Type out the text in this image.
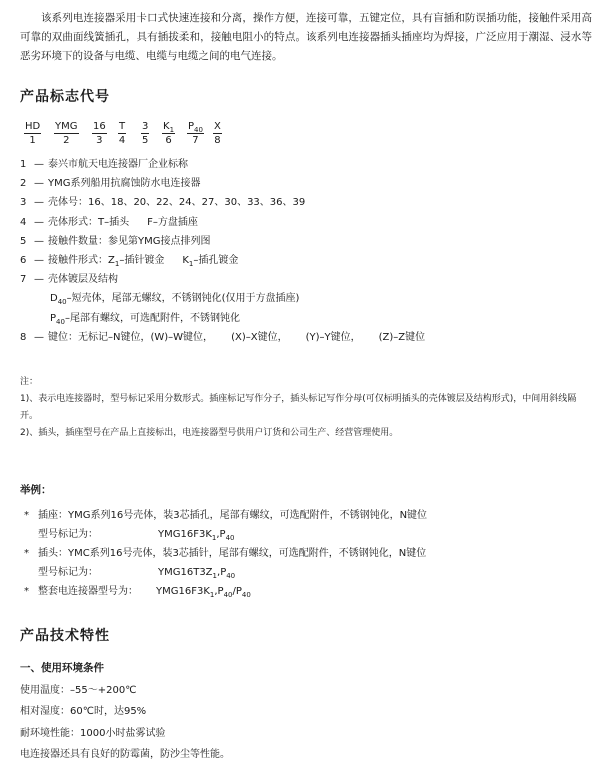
该系列电连接器采用卡口式快速连接和分离，操作方便，连接可靠，五键定位，具有盲插和防误插功能，接触件采用高可靠的双曲面线簧插孔，具有插拔柔和，接触电阻小的特点。该系列电连接器插头插座均为焊接，广泛应用于潮湿、浸水等恶劣环境下的设备与电缆、电缆与电缆之间的电气连接。

产品标志代号
HD
1
YMG
2
16
3
T
4
3
5
$K_1$
6
$P_{40}$
7
X
8
1 — 泰兴市航天电连接器厂企业标称
2 — YMG系列船用抗腐蚀防水电连接器
3 — 壳体号：16、18、20、22、24、27、30、33、36、39
4 — 壳体形式：T–插头 F–方盘插座
5 — 接触件数量：参见第YMG接点排列图
6 — 接触件形式：$Z_1-$插针镀金 $K_1-$插孔镀金
7 — 壳体镀层及结构
$D_{40}-$短壳体，尾部无螺纹，不锈钢钝化(仅用于方盘插座)
$P_{40}-$尾部有螺纹，可选配附件，不锈钢钝化
8 — 键位：无标记–N键位，(W)–W键位， (X)–X键位， (Y)–Y键位， (Z)–Z键位

注：

1)、表示电连接器时，型号标记采用分数形式。插座标记写作分子，插头标记写作分母(可仅标明插头的壳体镀层及结构形式)，中间用斜线隔开。

2)、插头，插座型号在产品上直接标出，电连接器型号供用户订货和公司生产、经营管理使用。

举例：
* 插座：YMG系列16号壳体，装3芯插孔，尾部有螺纹，可选配附件，不锈钢钝化，N键位
型号标记为：	$YMG16F3K_1,P_{40}$
* 插头：YMC系列16号壳体，装3芯插针，尾部有螺纹，可选配附件，不锈钢钝化，N键位
型号标记为：	$YMG16T3Z_1,P_{40}$
* 整套电连接器型号为： $YMG16F3K_1,P_{40}/P_{40}$
产品技术特性
一、使用环境条件
使用温度：–55～+200℃
相对湿度：60℃时，达95%
耐环境性能：1000小时盐雾试验
电连接器还具有良好的防霉菌，防沙尘等性能。
